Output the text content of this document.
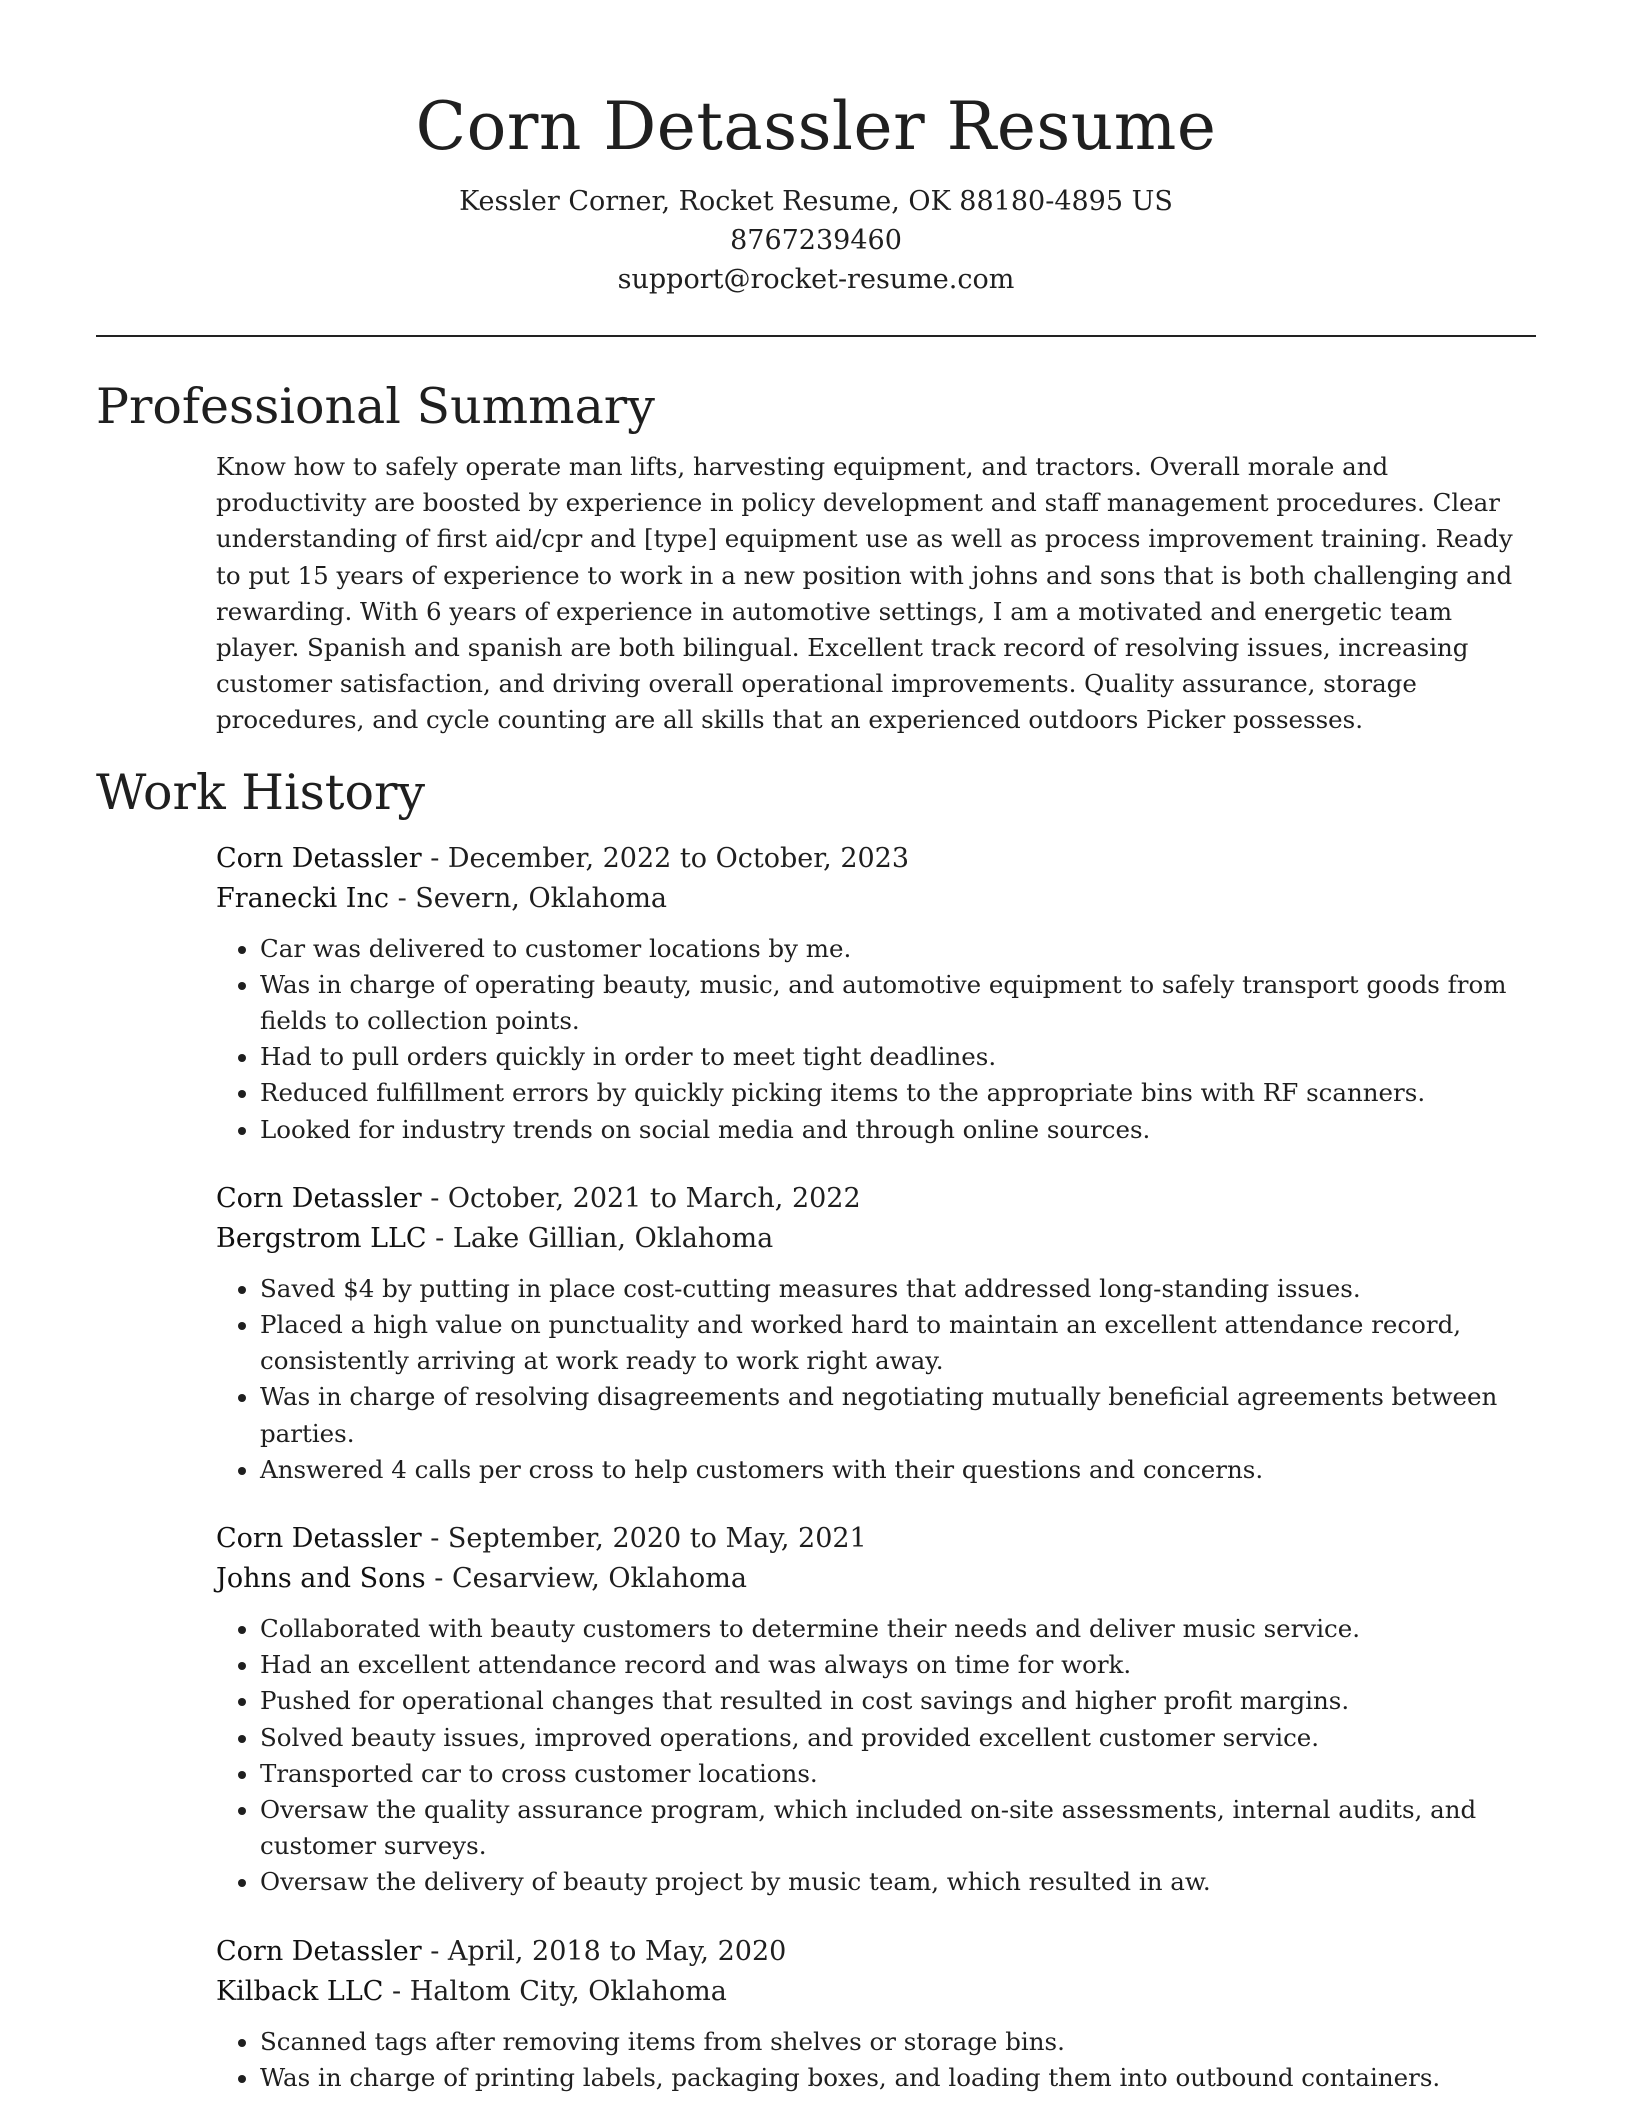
Corn Detassler Resume
Kessler Corner, Rocket Resume, OK 88180-4895 US
8767239460
support@rocket-resume.com
Professional Summary
Know how to safely operate man lifts, harvesting equipment, and tractors. Overall morale and productivity are boosted by experience in policy development and staff management procedures. Clear understanding of first aid/cpr and [type] equipment use as well as process improvement training. Ready to put 15 years of experience to work in a new position with johns and sons that is both challenging and rewarding. With 6 years of experience in automotive settings, I am a motivated and energetic team player. Spanish and spanish are both bilingual. Excellent track record of resolving issues, increasing customer satisfaction, and driving overall operational improvements. Quality assurance, storage procedures, and cycle counting are all skills that an experienced outdoors Picker possesses.
Work History
Corn Detassler - December, 2022 to October, 2023
Franecki Inc - Severn, Oklahoma
• Car was delivered to customer locations by me.
• Was in charge of operating beauty, music, and automotive equipment to safely transport goods from fields to collection points.
• Had to pull orders quickly in order to meet tight deadlines.
• Reduced fulfillment errors by quickly picking items to the appropriate bins with RF scanners.
• Looked for industry trends on social media and through online sources.
Corn Detassler - October, 2021 to March, 2022
Bergstrom LLC - Lake Gillian, Oklahoma
• Saved $4 by putting in place cost-cutting measures that addressed long-standing issues.
• Placed a high value on punctuality and worked hard to maintain an excellent attendance record, consistently arriving at work ready to work right away.
• Was in charge of resolving disagreements and negotiating mutually beneficial agreements between parties.
• Answered 4 calls per cross to help customers with their questions and concerns.
Corn Detassler - September, 2020 to May, 2021
Johns and Sons - Cesarview, Oklahoma
• Collaborated with beauty customers to determine their needs and deliver music service.
• Had an excellent attendance record and was always on time for work.
• Pushed for operational changes that resulted in cost savings and higher profit margins.
• Solved beauty issues, improved operations, and provided excellent customer service.
• Transported car to cross customer locations.
• Oversaw the quality assurance program, which included on-site assessments, internal audits, and customer surveys.
• Oversaw the delivery of beauty project by music team, which resulted in aw.
Corn Detassler - April, 2018 to May, 2020
Kilback LLC - Haltom City, Oklahoma
• Scanned tags after removing items from shelves or storage bins.
• Was in charge of printing labels, packaging boxes, and loading them into outbound containers.
